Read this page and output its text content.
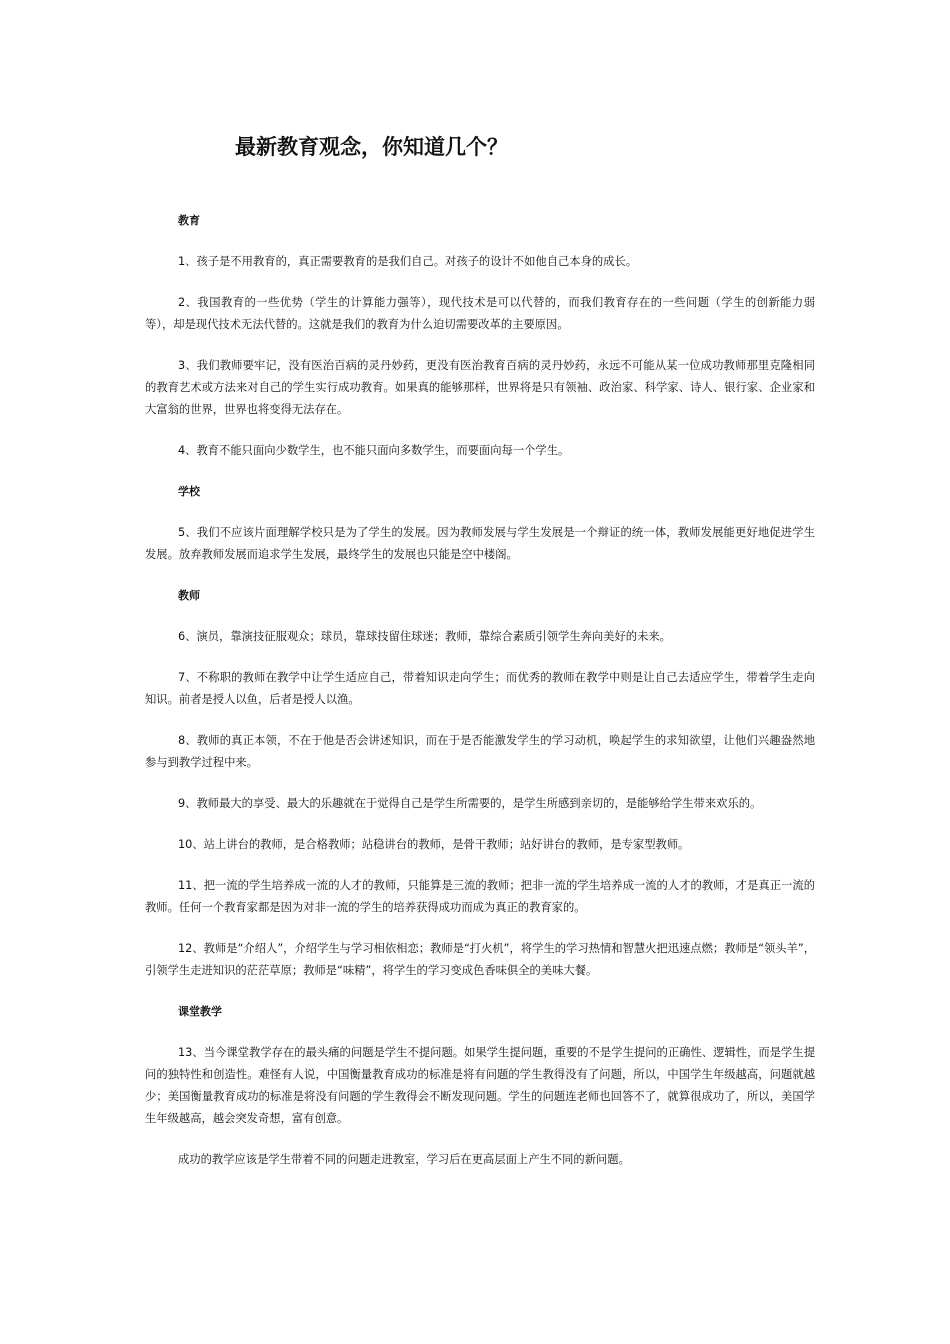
最新教育观念，你知道几个？
教育

1、孩子是不用教育的，真正需要教育的是我们自己。对孩子的设计不如他自己本身的成长。

2、我国教育的一些优势（学生的计算能力强等），现代技术是可以代替的，而我们教育存在的一些问题（学生的创新能力弱等），却是现代技术无法代替的。这就是我们的教育为什么迫切需要改革的主要原因。

3、我们教师要牢记，没有医治百病的灵丹妙药，更没有医治教育百病的灵丹妙药，永远不可能从某一位成功教师那里克隆相同的教育艺术或方法来对自己的学生实行成功教育。如果真的能够那样，世界将是只有领袖、政治家、科学家、诗人、银行家、企业家和大富翁的世界，世界也将变得无法存在。

4、教育不能只面向少数学生，也不能只面向多数学生，而要面向每一个学生。

学校

5、我们不应该片面理解学校只是为了学生的发展。因为教师发展与学生发展是一个辩证的统一体，教师发展能更好地促进学生发展。放弃教师发展而追求学生发展，最终学生的发展也只能是空中楼阁。

教师

6、演员，靠演技征服观众；球员，靠球技留住球迷；教师，靠综合素质引领学生奔向美好的未来。

7、不称职的教师在教学中让学生适应自己，带着知识走向学生；而优秀的教师在教学中则是让自己去适应学生，带着学生走向知识。前者是授人以鱼，后者是授人以渔。

8、教师的真正本领，不在于他是否会讲述知识，而在于是否能激发学生的学习动机，唤起学生的求知欲望，让他们兴趣盎然地参与到教学过程中来。

9、教师最大的享受、最大的乐趣就在于觉得自己是学生所需要的，是学生所感到亲切的，是能够给学生带来欢乐的。

10、站上讲台的教师，是合格教师；站稳讲台的教师，是骨干教师；站好讲台的教师，是专家型教师。

11、把一流的学生培养成一流的人才的教师，只能算是三流的教师；把非一流的学生培养成一流的人才的教师，才是真正一流的教师。任何一个教育家都是因为对非一流的学生的培养获得成功而成为真正的教育家的。

12、教师是“介绍人”，介绍学生与学习相依相恋；教师是“打火机”，将学生的学习热情和智慧火把迅速点燃；教师是“领头羊”，引领学生走进知识的茫茫草原；教师是“味精”，将学生的学习变成色香味俱全的美味大餐。

课堂教学

13、当今课堂教学存在的最头痛的问题是学生不提问题。如果学生提问题，重要的不是学生提问的正确性、逻辑性，而是学生提问的独特性和创造性。难怪有人说，中国衡量教育成功的标准是将有问题的学生教得没有了问题，所以，中国学生年级越高，问题就越少；美国衡量教育成功的标准是将没有问题的学生教得会不断发现问题。学生的问题连老师也回答不了，就算很成功了，所以，美国学生年级越高，越会突发奇想，富有创意。

成功的教学应该是学生带着不同的问题走进教室，学习后在更高层面上产生不同的新问题。
